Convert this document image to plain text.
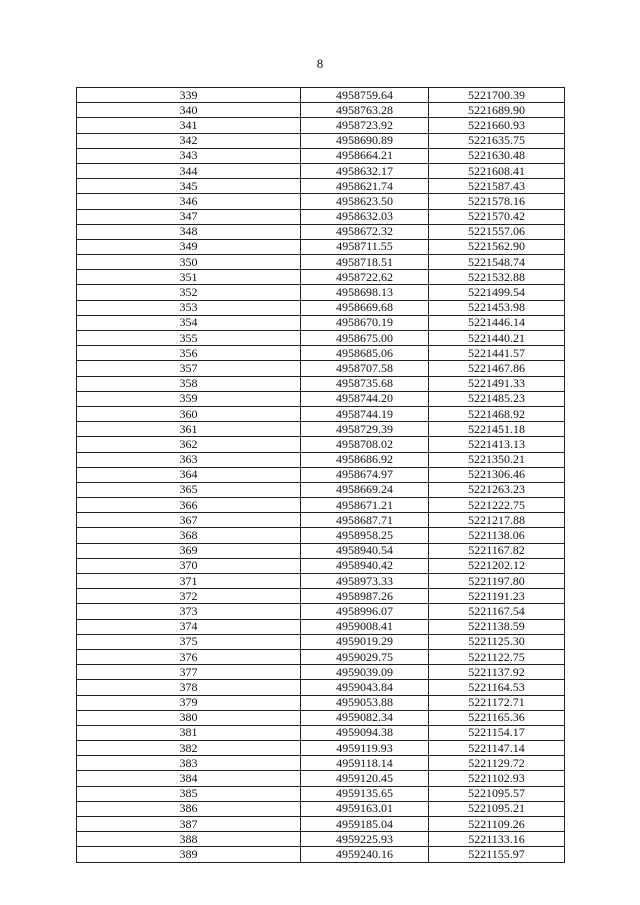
8
339	4958759.64	5221700.39
340	4958763.28	5221689.90
341	4958723.92	5221660.93
342	4958690.89	5221635.75
343	4958664.21	5221630.48
344	4958632.17	5221608.41
345	4958621.74	5221587.43
346	4958623.50	5221578.16
347	4958632.03	5221570.42
348	4958672.32	5221557.06
349	4958711.55	5221562.90
350	4958718.51	5221548.74
351	4958722.62	5221532.88
352	4958698.13	5221499.54
353	4958669.68	5221453.98
354	4958670.19	5221446.14
355	4958675.00	5221440.21
356	4958685.06	5221441.57
357	4958707.58	5221467.86
358	4958735.68	5221491.33
359	4958744.20	5221485.23
360	4958744.19	5221468.92
361	4958729.39	5221451.18
362	4958708.02	5221413.13
363	4958686.92	5221350.21
364	4958674.97	5221306.46
365	4958669.24	5221263.23
366	4958671.21	5221222.75
367	4958687.71	5221217.88
368	4958958.25	5221138.06
369	4958940.54	5221167.82
370	4958940.42	5221202.12
371	4958973.33	5221197.80
372	4958987.26	5221191.23
373	4958996.07	5221167.54
374	4959008.41	5221138.59
375	4959019.29	5221125.30
376	4959029.75	5221122.75
377	4959039.09	5221137.92
378	4959043.84	5221164.53
379	4959053.88	5221172.71
380	4959082.34	5221165.36
381	4959094.38	5221154.17
382	4959119.93	5221147.14
383	4959118.14	5221129.72
384	4959120.45	5221102.93
385	4959135.65	5221095.57
386	4959163.01	5221095.21
387	4959185.04	5221109.26
388	4959225.93	5221133.16
389	4959240.16	5221155.97
